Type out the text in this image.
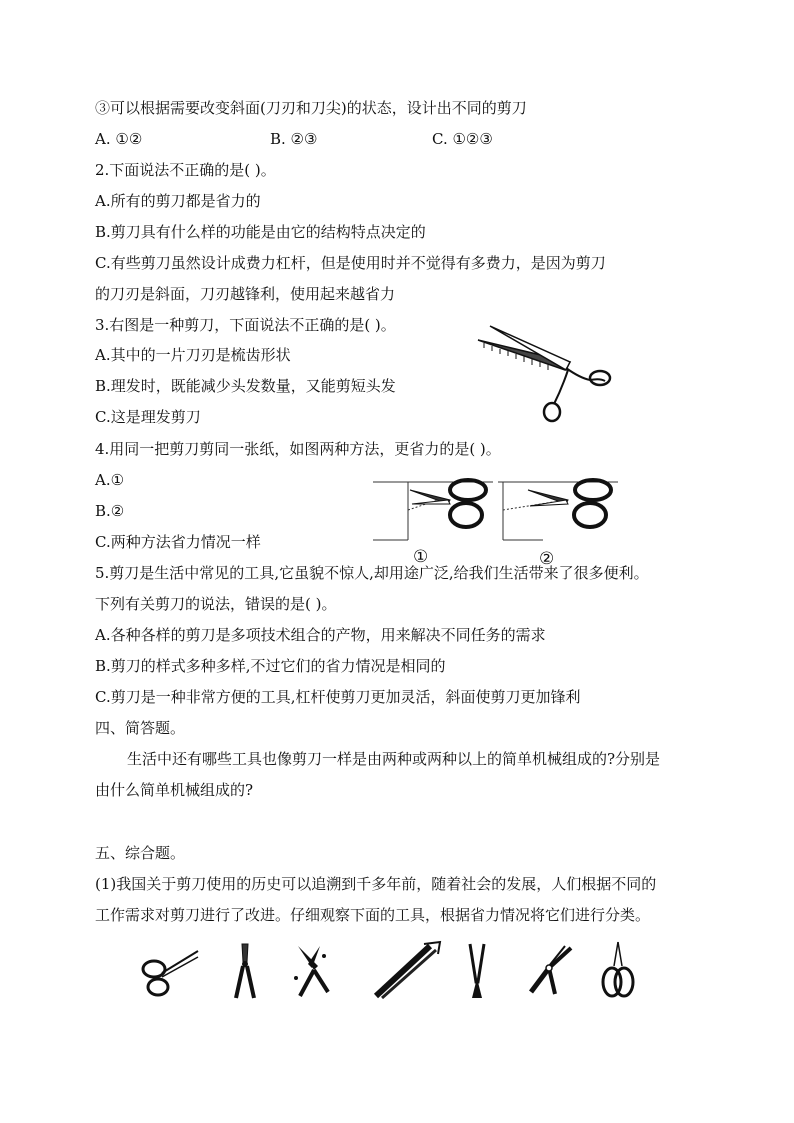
③可以根据需要改变斜面(刀刃和刀尖)的状态，设计出不同的剪刀
A. ①②	B. ②③	C. ①②③
2.下面说法不正确的是( )。
A.所有的剪刀都是省力的
B.剪刀具有什么样的功能是由它的结构特点决定的
C.有些剪刀虽然设计成费力杠杆，但是使用时并不觉得有多费力，是因为剪刀
的刀刃是斜面，刀刃越锋利，使用起来越省力
3.右图是一种剪刀，下面说法不正确的是( )。
A.其中的一片刀刃是梳齿形状
B.理发时，既能减少头发数量，又能剪短头发
C.这是理发剪刀
4.用同一把剪刀剪同一张纸，如图两种方法，更省力的是( )。
A.①
B.②
C.两种方法省力情况一样
①	②
5.剪刀是生活中常见的工具,它虽貌不惊人,却用途广泛,给我们生活带来了很多便利。
下列有关剪刀的说法，错误的是( )。
A.各种各样的剪刀是多项技术组合的产物，用来解决不同任务的需求
B.剪刀的样式多种多样,不过它们的省力情况是相同的
C.剪刀是一种非常方便的工具,杠杆使剪刀更加灵活，斜面使剪刀更加锋利
四、简答题。
生活中还有哪些工具也像剪刀一样是由两种或两种以上的简单机械组成的?分别是
由什么简单机械组成的?
五、综合题。
(1)我国关于剪刀使用的历史可以追溯到千多年前，随着社会的发展，人们根据不同的
工作需求对剪刀进行了改进。仔细观察下面的工具，根据省力情况将它们进行分类。
